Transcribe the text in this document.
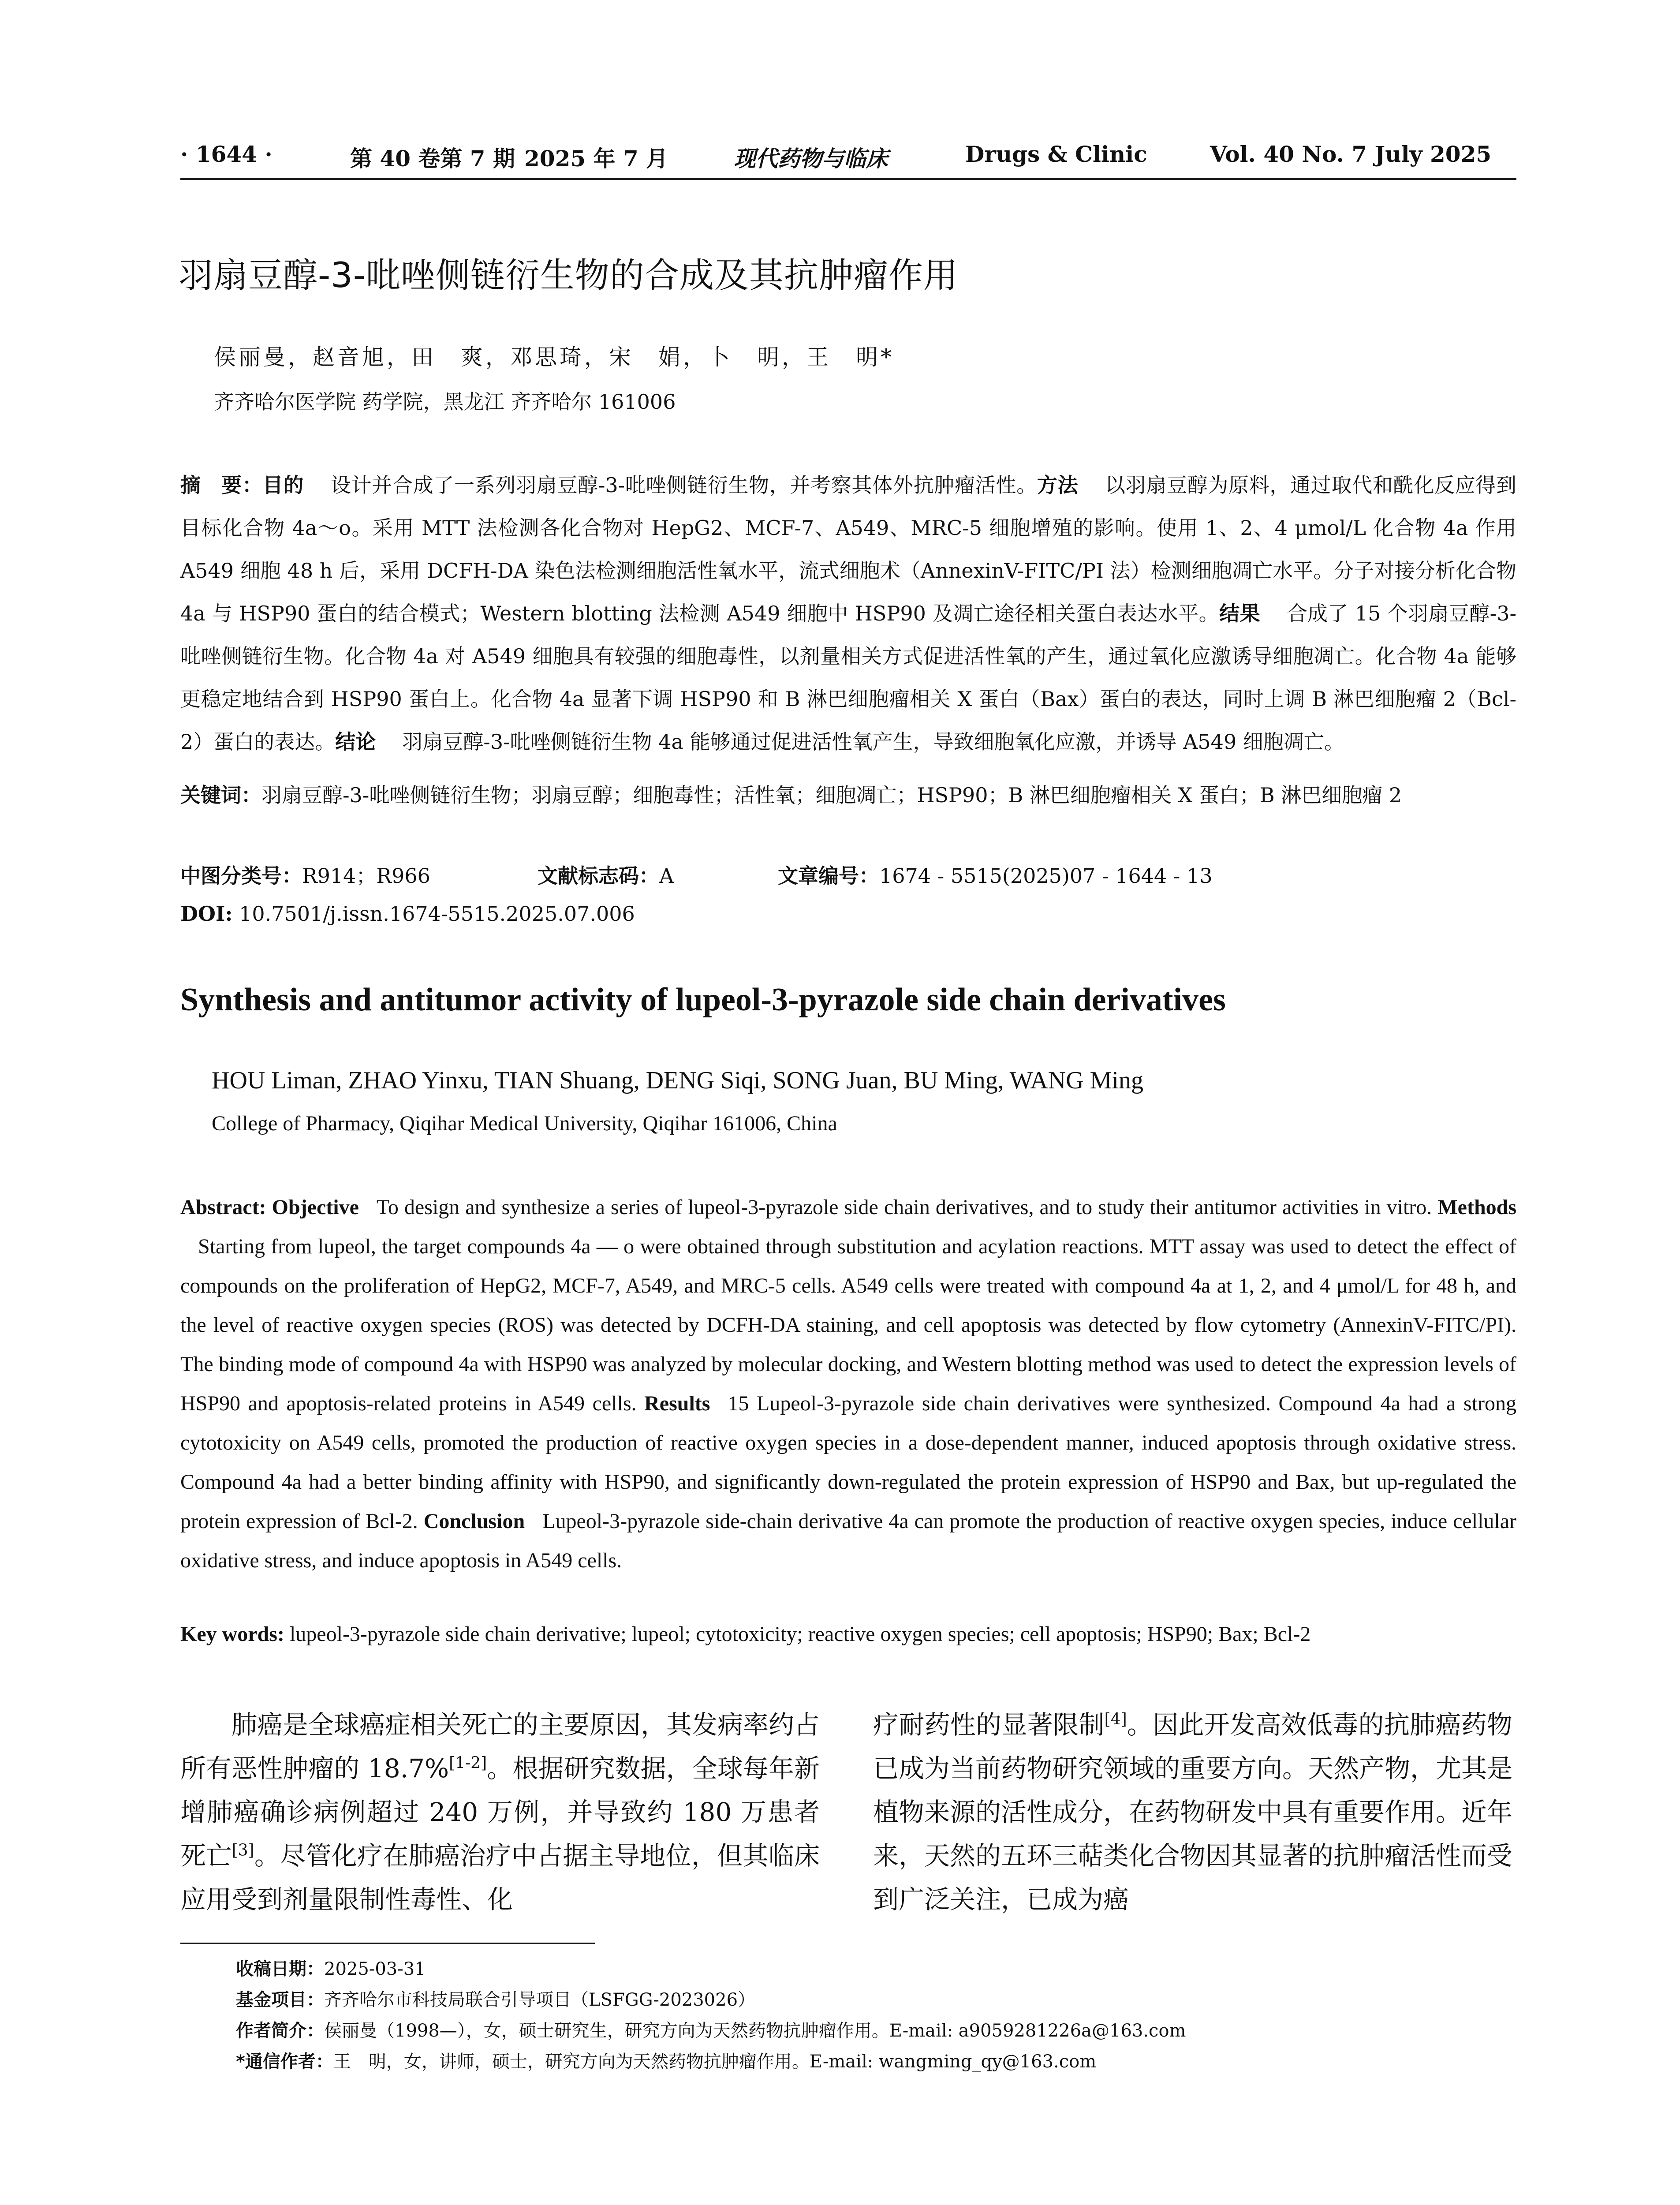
· 1644 ·	第 40 卷第 7 期 2025 年 7 月	现代药物与临床	Drugs & Clinic	Vol. 40 No. 7 July 2025
羽扇豆醇-3-吡唑侧链衍生物的合成及其抗肿瘤作用
侯丽曼，赵音旭，田　爽，邓思琦，宋　娟，卜　明，王　明*
齐齐哈尔医学院 药学院，黑龙江 齐齐哈尔 161006
摘　要：目的 设计并合成了一系列羽扇豆醇-3-吡唑侧链衍生物，并考察其体外抗肿瘤活性。方法 以羽扇豆醇为原料，通过取代和酰化反应得到目标化合物 4a～o。采用 MTT 法检测各化合物对 HepG2、MCF-7、A549、MRC-5 细胞增殖的影响。使用 1、2、4 μmol/L 化合物 4a 作用 A549 细胞 48 h 后，采用 DCFH-DA 染色法检测细胞活性氧水平，流式细胞术（AnnexinV-FITC/PI 法）检测细胞凋亡水平。分子对接分析化合物 4a 与 HSP90 蛋白的结合模式；Western blotting 法检测 A549 细胞中 HSP90 及凋亡途径相关蛋白表达水平。结果 合成了 15 个羽扇豆醇-3-吡唑侧链衍生物。化合物 4a 对 A549 细胞具有较强的细胞毒性，以剂量相关方式促进活性氧的产生，通过氧化应激诱导细胞凋亡。化合物 4a 能够更稳定地结合到 HSP90 蛋白上。化合物 4a 显著下调 HSP90 和 B 淋巴细胞瘤相关 X 蛋白（Bax）蛋白的表达，同时上调 B 淋巴细胞瘤 2（Bcl-2）蛋白的表达。结论 羽扇豆醇-3-吡唑侧链衍生物 4a 能够通过促进活性氧产生，导致细胞氧化应激，并诱导 A549 细胞凋亡。
关键词：羽扇豆醇-3-吡唑侧链衍生物；羽扇豆醇；细胞毒性；活性氧；细胞凋亡；HSP90；B 淋巴细胞瘤相关 X 蛋白；B 淋巴细胞瘤 2
中图分类号：R914；R966	文献标志码：A	文章编号：1674 - 5515(2025)07 - 1644 - 13
DOI: 10.7501/j.issn.1674-5515.2025.07.006
Synthesis and antitumor activity of lupeol-3-pyrazole side chain derivatives
HOU Liman, ZHAO Yinxu, TIAN Shuang, DENG Siqi, SONG Juan, BU Ming, WANG Ming
College of Pharmacy, Qiqihar Medical University, Qiqihar 161006, China
Abstract: Objective To design and synthesize a series of lupeol-3-pyrazole side chain derivatives, and to study their antitumor activities in vitro. MethodsStarting from lupeol, the target compounds 4a — o were obtained through substitution and acylation reactions. MTT assay was used to detect the effect of compounds on the proliferation of HepG2, MCF-7, A549, and MRC-5 cells. A549 cells were treated with compound 4a at 1, 2, and 4 μmol/L for 48 h, and the level of reactive oxygen species (ROS) was detected by DCFH-DA staining, and cell apoptosis was detected by flow cytometry (AnnexinV-FITC/PI). The binding mode of compound 4a with HSP90 was analyzed by molecular docking, and Western blotting method was used to detect the expression levels of HSP90 and apoptosis-related proteins in A549 cells. Results 15 Lupeol-3-pyrazole side chain derivatives were synthesized. Compound 4a had a strong cytotoxicity on A549 cells, promoted the production of reactive oxygen species in a dose-dependent manner, induced apoptosis through oxidative stress. Compound 4a had a better binding affinity with HSP90, and significantly down-regulated the protein expression of HSP90 and Bax, but up-regulated the protein expression of Bcl-2. Conclusion Lupeol-3-pyrazole side-chain derivative 4a can promote the production of reactive oxygen species, induce cellular oxidative stress, and induce apoptosis in A549 cells.
Key words: lupeol-3-pyrazole side chain derivative; lupeol; cytotoxicity; reactive oxygen species; cell apoptosis; HSP90; Bax; Bcl-2
肺癌是全球癌症相关死亡的主要原因，其发病率约占所有恶性肿瘤的 18.7%[1-2]。根据研究数据，全球每年新增肺癌确诊病例超过 240 万例，并导致约 180 万患者死亡[3]。尽管化疗在肺癌治疗中占据主导地位，但其临床应用受到剂量限制性毒性、化
疗耐药性的显著限制[4]。因此开发高效低毒的抗肺癌药物已成为当前药物研究领域的重要方向。天然产物，尤其是植物来源的活性成分，在药物研发中具有重要作用。近年来，天然的五环三萜类化合物因其显著的抗肿瘤活性而受到广泛关注，已成为癌
收稿日期：2025-03-31
基金项目：齐齐哈尔市科技局联合引导项目（LSFGG-2023026）
作者简介：侯丽曼（1998—），女，硕士研究生，研究方向为天然药物抗肿瘤作用。E-mail: a9059281226a@163.com
*通信作者：王　明，女，讲师，硕士，研究方向为天然药物抗肿瘤作用。E-mail: wangming_qy@163.com
